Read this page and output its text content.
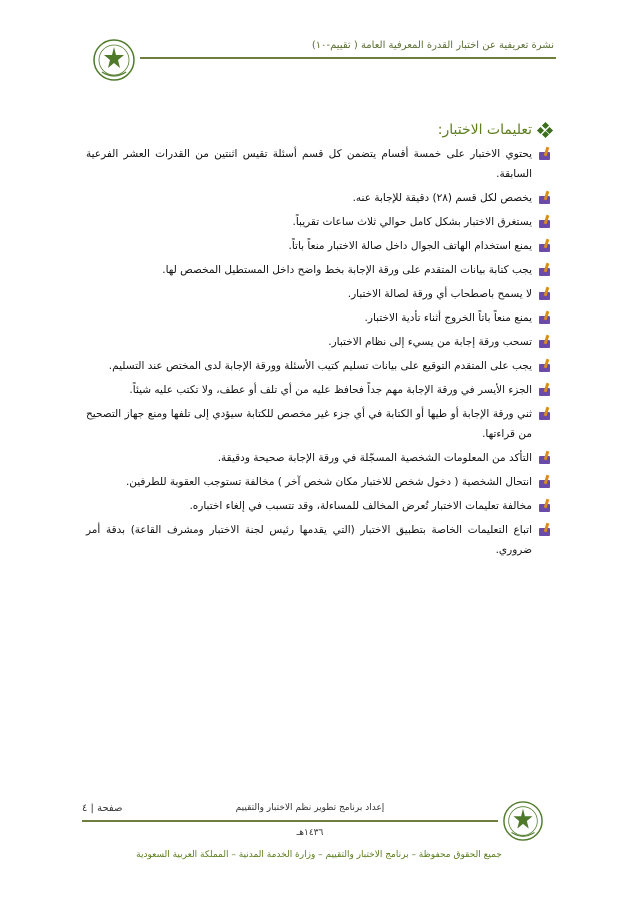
نشرة تعريفية عن اختبار القدرة المعرفية العامة ( تقييم-١٠)
تعليمات الاختبار:
يحتوي الاختبار على خمسة أقسام يتضمن كل قسم أسئلة تقيس اثنتين من القدرات العشر الفرعية السابقة.
يخصص لكل قسم (٢٨) دقيقة للإجابة عنه.
يستغرق الاختبار بشكل كامل حوالي ثلاث ساعات تقريباً.
يمنع استخدام الهاتف الجوال داخل صالة الاختبار منعاً باتاً.
يجب كتابة بيانات المتقدم على ورقة الإجابة بخط واضح داخل المستطيل المخصص لها.
لا يسمح باصطحاب أي ورقة لصالة الاختبار.
يمنع منعاً باتاً الخروج أثناء تأدية الاختبار.
تسحب ورقة إجابة من يسيء إلى نظام الاختبار.
يجب على المتقدم التوقيع على بيانات تسليم كتيب الأسئلة وورقة الإجابة لدى المختص عند التسليم.
الجزء الأيسر في ورقة الإجابة مهم جداً فحافظ عليه من أي تلف أو عطف، ولا تكتب عليه شيئاً.
ثني ورقة الإجابة أو طيها أو الكتابة في أي جزء غير مخصص للكتابة سيؤدي إلى تلفها ومنع جهاز التصحيح من قراءتها.
التأكد من المعلومات الشخصية المسجّلة في ورقة الإجابة صحيحة ودقيقة.
انتحال الشخصية ( دخول شخص للاختبار مكان شخص آخر ) مخالفة تستوجب العقوبة للطرفين.
مخالفة تعليمات الاختبار تُعرض المخالف للمساءلة، وقد تتسبب في إلغاء اختباره.
اتباع التعليمات الخاصة بتطبيق الاختبار (التي يقدمها رئيس لجنة الاختبار ومشرف القاعة) بدقة أمر ضروري.
صفحة | ٤	إعداد برنامج تطوير نظم الاختبار والتقييم
١٤٣٦هـ
جميع الحقوق محفوظة – برنامج الاختبار والتقييم – وزارة الخدمة المدنية – المملكة العربية السعودية
